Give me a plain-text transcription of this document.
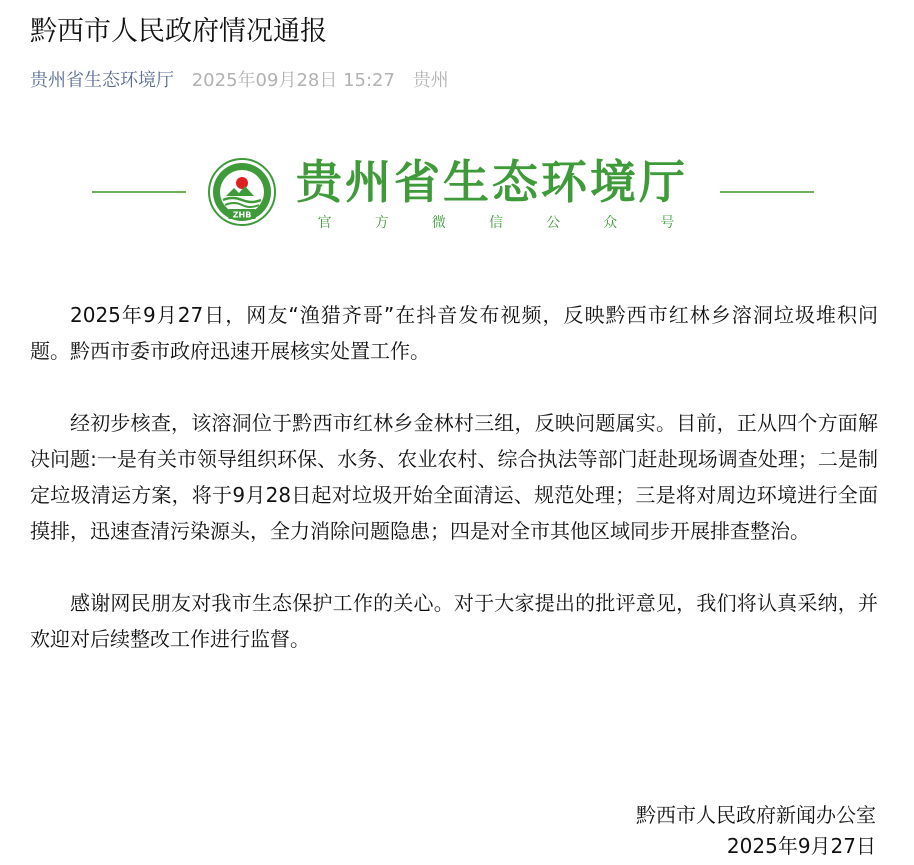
黔西市人民政府情况通报
贵州省生态环境厅 2025年09月28日 15:27 贵州
ZHB
贵州省生态环境厅
官	方	微	信	公	众	号

2025年9月27日，网友“渔猎齐哥”在抖音发布视频，反映黔西市红林乡溶洞垃圾堆积问题。黔西市委市政府迅速开展核实处置工作。

经初步核查，该溶洞位于黔西市红林乡金林村三组，反映问题属实。目前，正从四个方面解决问题:一是有关市领导组织环保、水务、农业农村、综合执法等部门赶赴现场调查处理；二是制定垃圾清运方案，将于9月28日起对垃圾开始全面清运、规范处理；三是将对周边环境进行全面摸排，迅速查清污染源头，全力消除问题隐患；四是对全市其他区域同步开展排查整治。

感谢网民朋友对我市生态保护工作的关心。对于大家提出的批评意见，我们将认真采纳，并欢迎对后续整改工作进行监督。

黔西市人民政府新闻办公室
2025年9月27日
